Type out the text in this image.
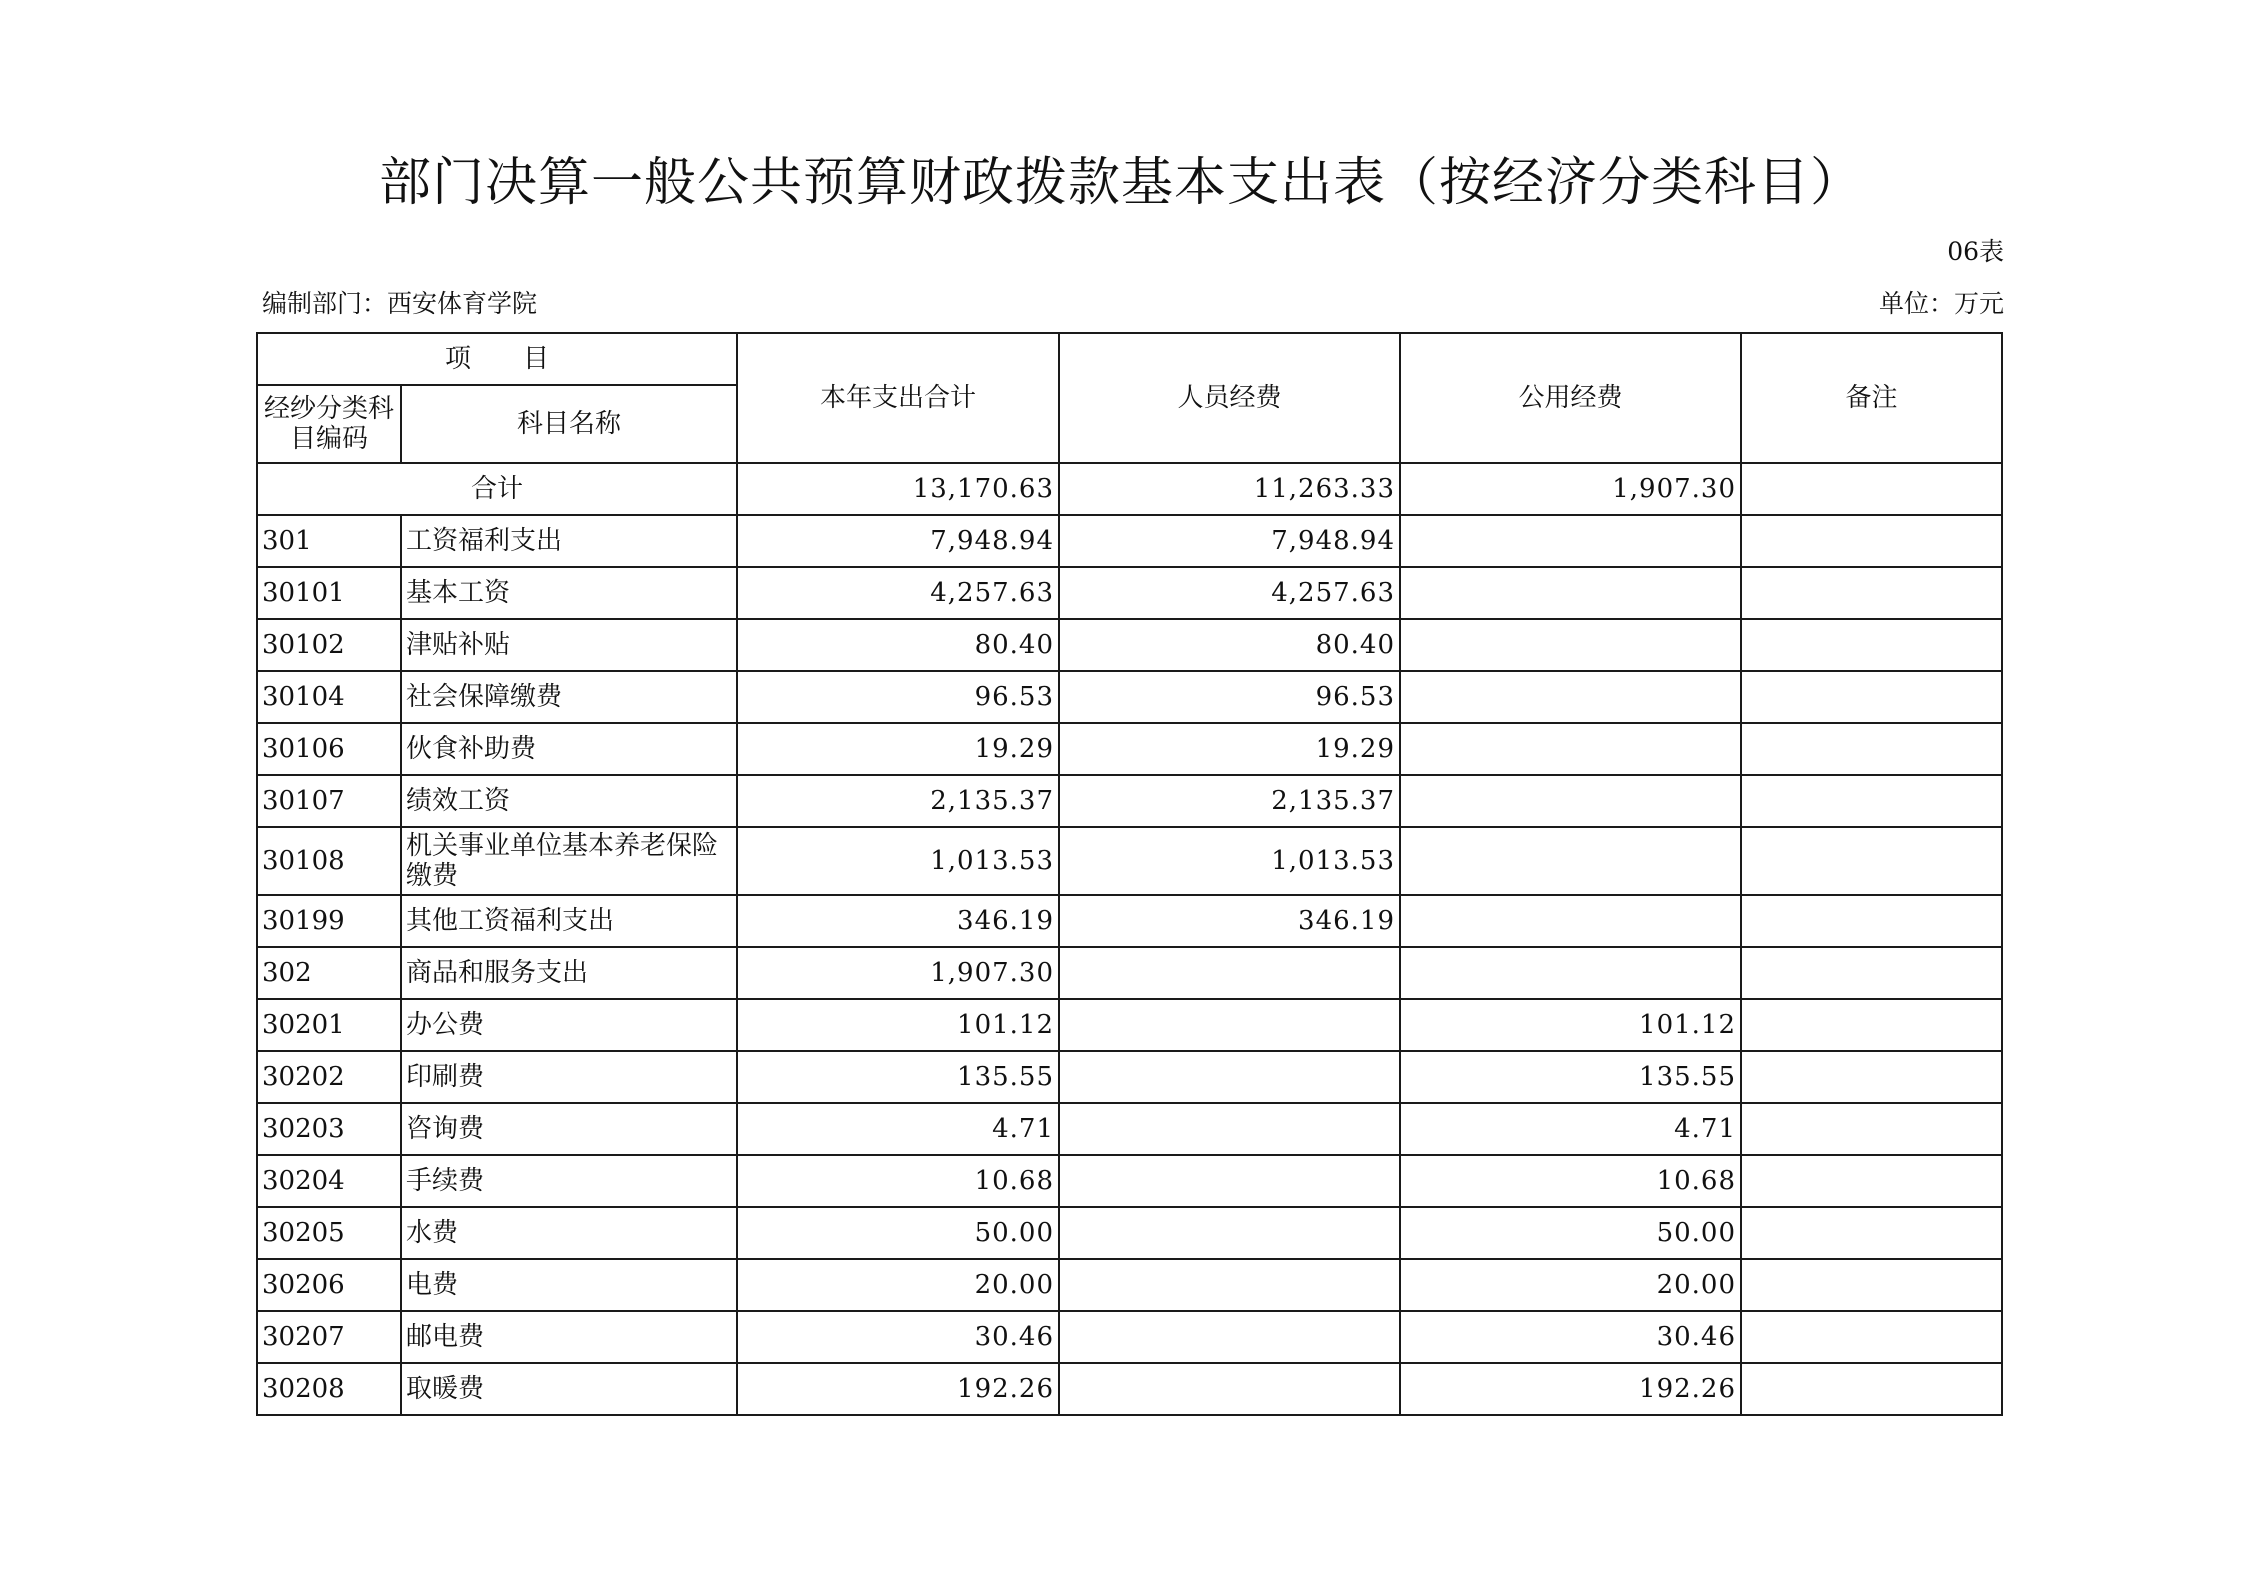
部门决算一般公共预算财政拨款基本支出表（按经济分类科目）
06表
编制部门：西安体育学院	单位：万元
项　　目		本年支出合计	人员经费	公用经费	备注
经纱分类科目编码	科目名称				
合计		13,170.63	11,263.33	1,907.30	
301	工资福利支出	7,948.94	7,948.94		
30101	基本工资	4,257.63	4,257.63		
30102	津贴补贴	80.40	80.40		
30104	社会保障缴费	96.53	96.53		
30106	伙食补助费	19.29	19.29		
30107	绩效工资	2,135.37	2,135.37		
30108	机关事业单位基本养老保险缴费	1,013.53	1,013.53		
30199	其他工资福利支出	346.19	346.19		
302	商品和服务支出	1,907.30			
30201	办公费	101.12		101.12	
30202	印刷费	135.55		135.55	
30203	咨询费	4.71		4.71	
30204	手续费	10.68		10.68	
30205	水费	50.00		50.00	
30206	电费	20.00		20.00	
30207	邮电费	30.46		30.46	
30208	取暖费	192.26		192.26	
